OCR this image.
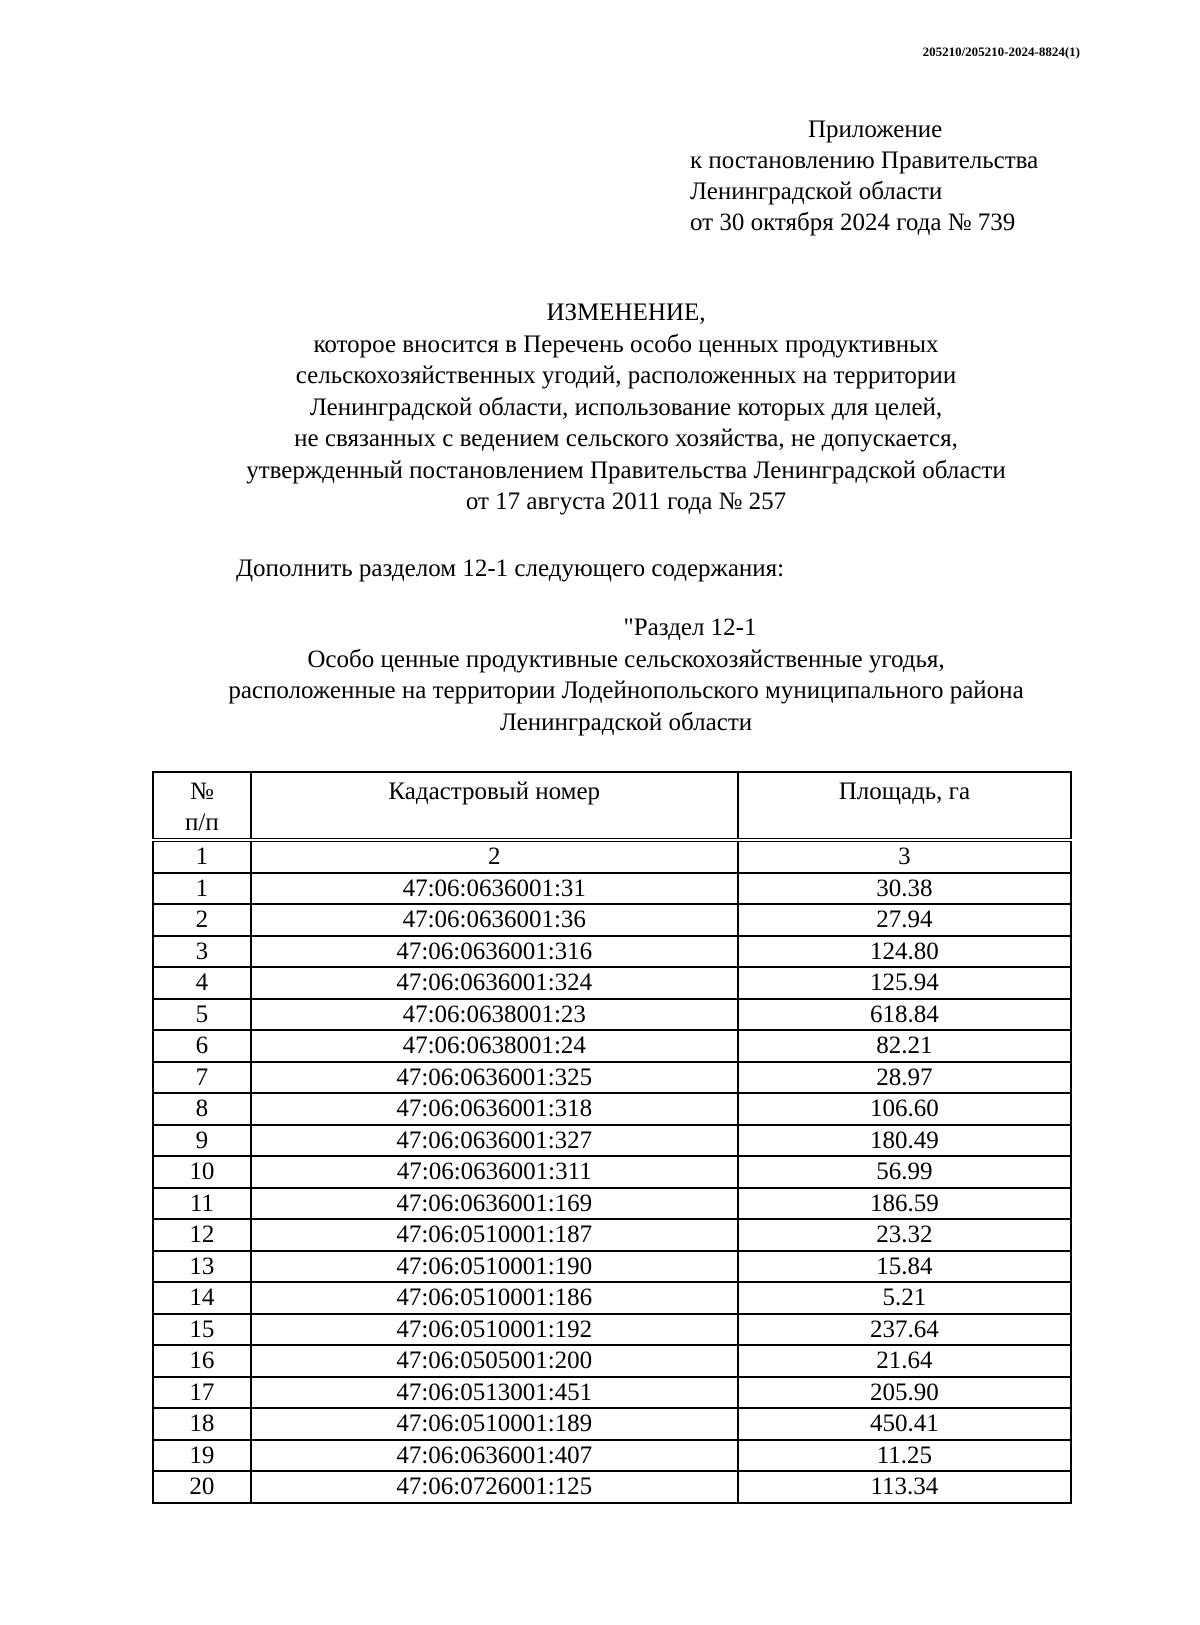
205210/205210-2024-8824(1)
Приложение
к постановлению Правительства
Ленинградской области
от 30 октября 2024 года № 739
ИЗМЕНЕНИЕ,
которое вносится в Перечень особо ценных продуктивных
сельскохозяйственных угодий, расположенных на территории
Ленинградской области, использование которых для целей,
не связанных с ведением сельского хозяйства, не допускается,
утвержденный постановлением Правительства Ленинградской области
от 17 августа 2011 года № 257
Дополнить разделом 12-1 следующего содержания:
"Раздел 12-1
Особо ценные продуктивные сельскохозяйственные угодья,
расположенные на территории Лодейнопольского муниципального района
Ленинградской области
№
п/п	Кадастровый номер	Площадь, га
1	2	3
1	47:06:0636001:31	30.38
2	47:06:0636001:36	27.94
3	47:06:0636001:316	124.80
4	47:06:0636001:324	125.94
5	47:06:0638001:23	618.84
6	47:06:0638001:24	82.21
7	47:06:0636001:325	28.97
8	47:06:0636001:318	106.60
9	47:06:0636001:327	180.49
10	47:06:0636001:311	56.99
11	47:06:0636001:169	186.59
12	47:06:0510001:187	23.32
13	47:06:0510001:190	15.84
14	47:06:0510001:186	5.21
15	47:06:0510001:192	237.64
16	47:06:0505001:200	21.64
17	47:06:0513001:451	205.90
18	47:06:0510001:189	450.41
19	47:06:0636001:407	11.25
20	47:06:0726001:125	113.34
